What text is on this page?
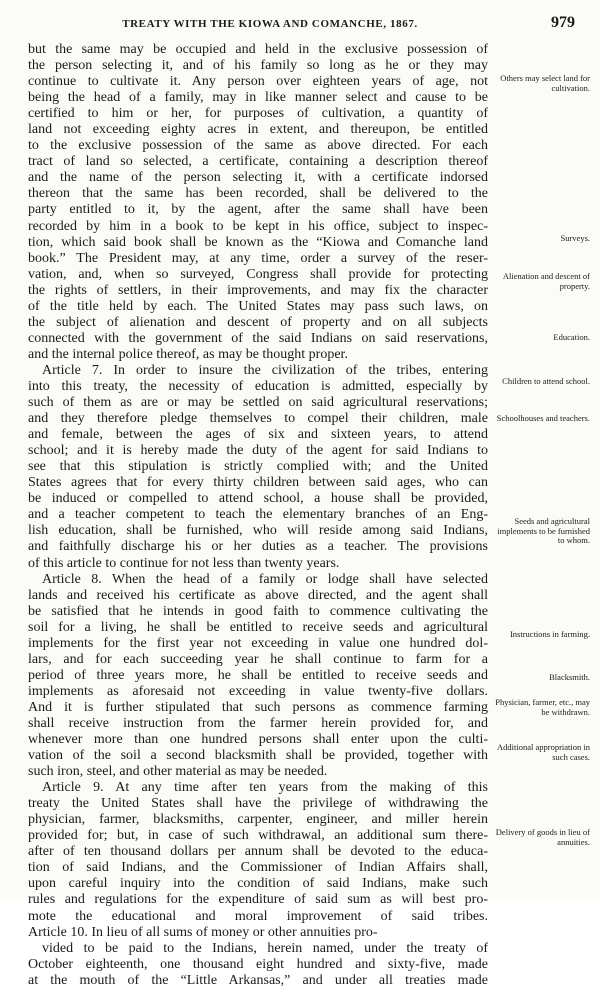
TREATY WITH THE KIOWA AND COMANCHE, 1867.	979
but the same may be occupied and held in the exclusive possession of
the person selecting it, and of his family so long as he or they may
continue to cultivate it. Any person over eighteen years of age, not
being the head of a family, may in like manner select and cause to be
certified to him or her, for purposes of cultivation, a quantity of
land not exceeding eighty acres in extent, and thereupon, be entitled
to the exclusive possession of the same as above directed. For each
tract of land so selected, a certificate, containing a description thereof
and the name of the person selecting it, with a certificate indorsed
thereon that the same has been recorded, shall be delivered to the
party entitled to it, by the agent, after the same shall have been
recorded by him in a book to be kept in his office, subject to inspec-
tion, which said book shall be known as the “Kiowa and Comanche land
book.” The President may, at any time, order a survey of the reser-
vation, and, when so surveyed, Congress shall provide for protecting
the rights of settlers, in their improvements, and may fix the character
of the title held by each. The United States may pass such laws, on
the subject of alienation and descent of property and on all subjects
connected with the government of the said Indians on said reservations,
and the internal police thereof, as may be thought proper.
Article 7. In order to insure the civilization of the tribes, entering
into this treaty, the necessity of education is admitted, especially by
such of them as are or may be settled on said agricultural reservations;
and they therefore pledge themselves to compel their children, male
and female, between the ages of six and sixteen years, to attend
school; and it is hereby made the duty of the agent for said Indians to
see that this stipulation is strictly complied with; and the United
States agrees that for every thirty children between said ages, who can
be induced or compelled to attend school, a house shall be provided,
and a teacher competent to teach the elementary branches of an Eng-
lish education, shall be furnished, who will reside among said Indians,
and faithfully discharge his or her duties as a teacher. The provisions
of this article to continue for not less than twenty years.
Article 8. When the head of a family or lodge shall have selected
lands and received his certificate as above directed, and the agent shall
be satisfied that he intends in good faith to commence cultivating the
soil for a living, he shall be entitled to receive seeds and agricultural
implements for the first year not exceeding in value one hundred dol-
lars, and for each succeeding year he shall continue to farm for a
period of three years more, he shall be entitled to receive seeds and
implements as aforesaid not exceeding in value twenty-five dollars.
And it is further stipulated that such persons as commence farming
shall receive instruction from the farmer herein provided for, and
whenever more than one hundred persons shall enter upon the culti-
vation of the soil a second blacksmith shall be provided, together with
such iron, steel, and other material as may be needed.
Article 9. At any time after ten years from the making of this
treaty the United States shall have the privilege of withdrawing the
physician, farmer, blacksmiths, carpenter, engineer, and miller herein
provided for; but, in case of such withdrawal, an additional sum there-
after of ten thousand dollars per annum shall be devoted to the educa-
tion of said Indians, and the Commissioner of Indian Affairs shall,
upon careful inquiry into the condition of said Indians, make such
rules and regulations for the expenditure of said sum as will best pro-
mote the educational and moral improvement of said tribes.
Article 10. In lieu of all sums of money or other annuities pro-
vided to be paid to the Indians, herein named, under the treaty of
October eighteenth, one thousand eight hundred and sixty-five, made
at the mouth of the “Little Arkansas,” and under all treaties made
Others may select land for cultivation.
Surveys.
Alienation and descent of property.
Education.
Children to attend school.
Schoolhouses and teachers.
Seeds and agricultural implements to be furnished to whom.
Instructions in farming.
Blacksmith.
Physician, farmer, etc., may be withdrawn.
Additional appropriation in such cases.
Delivery of goods in lieu of annuities.
